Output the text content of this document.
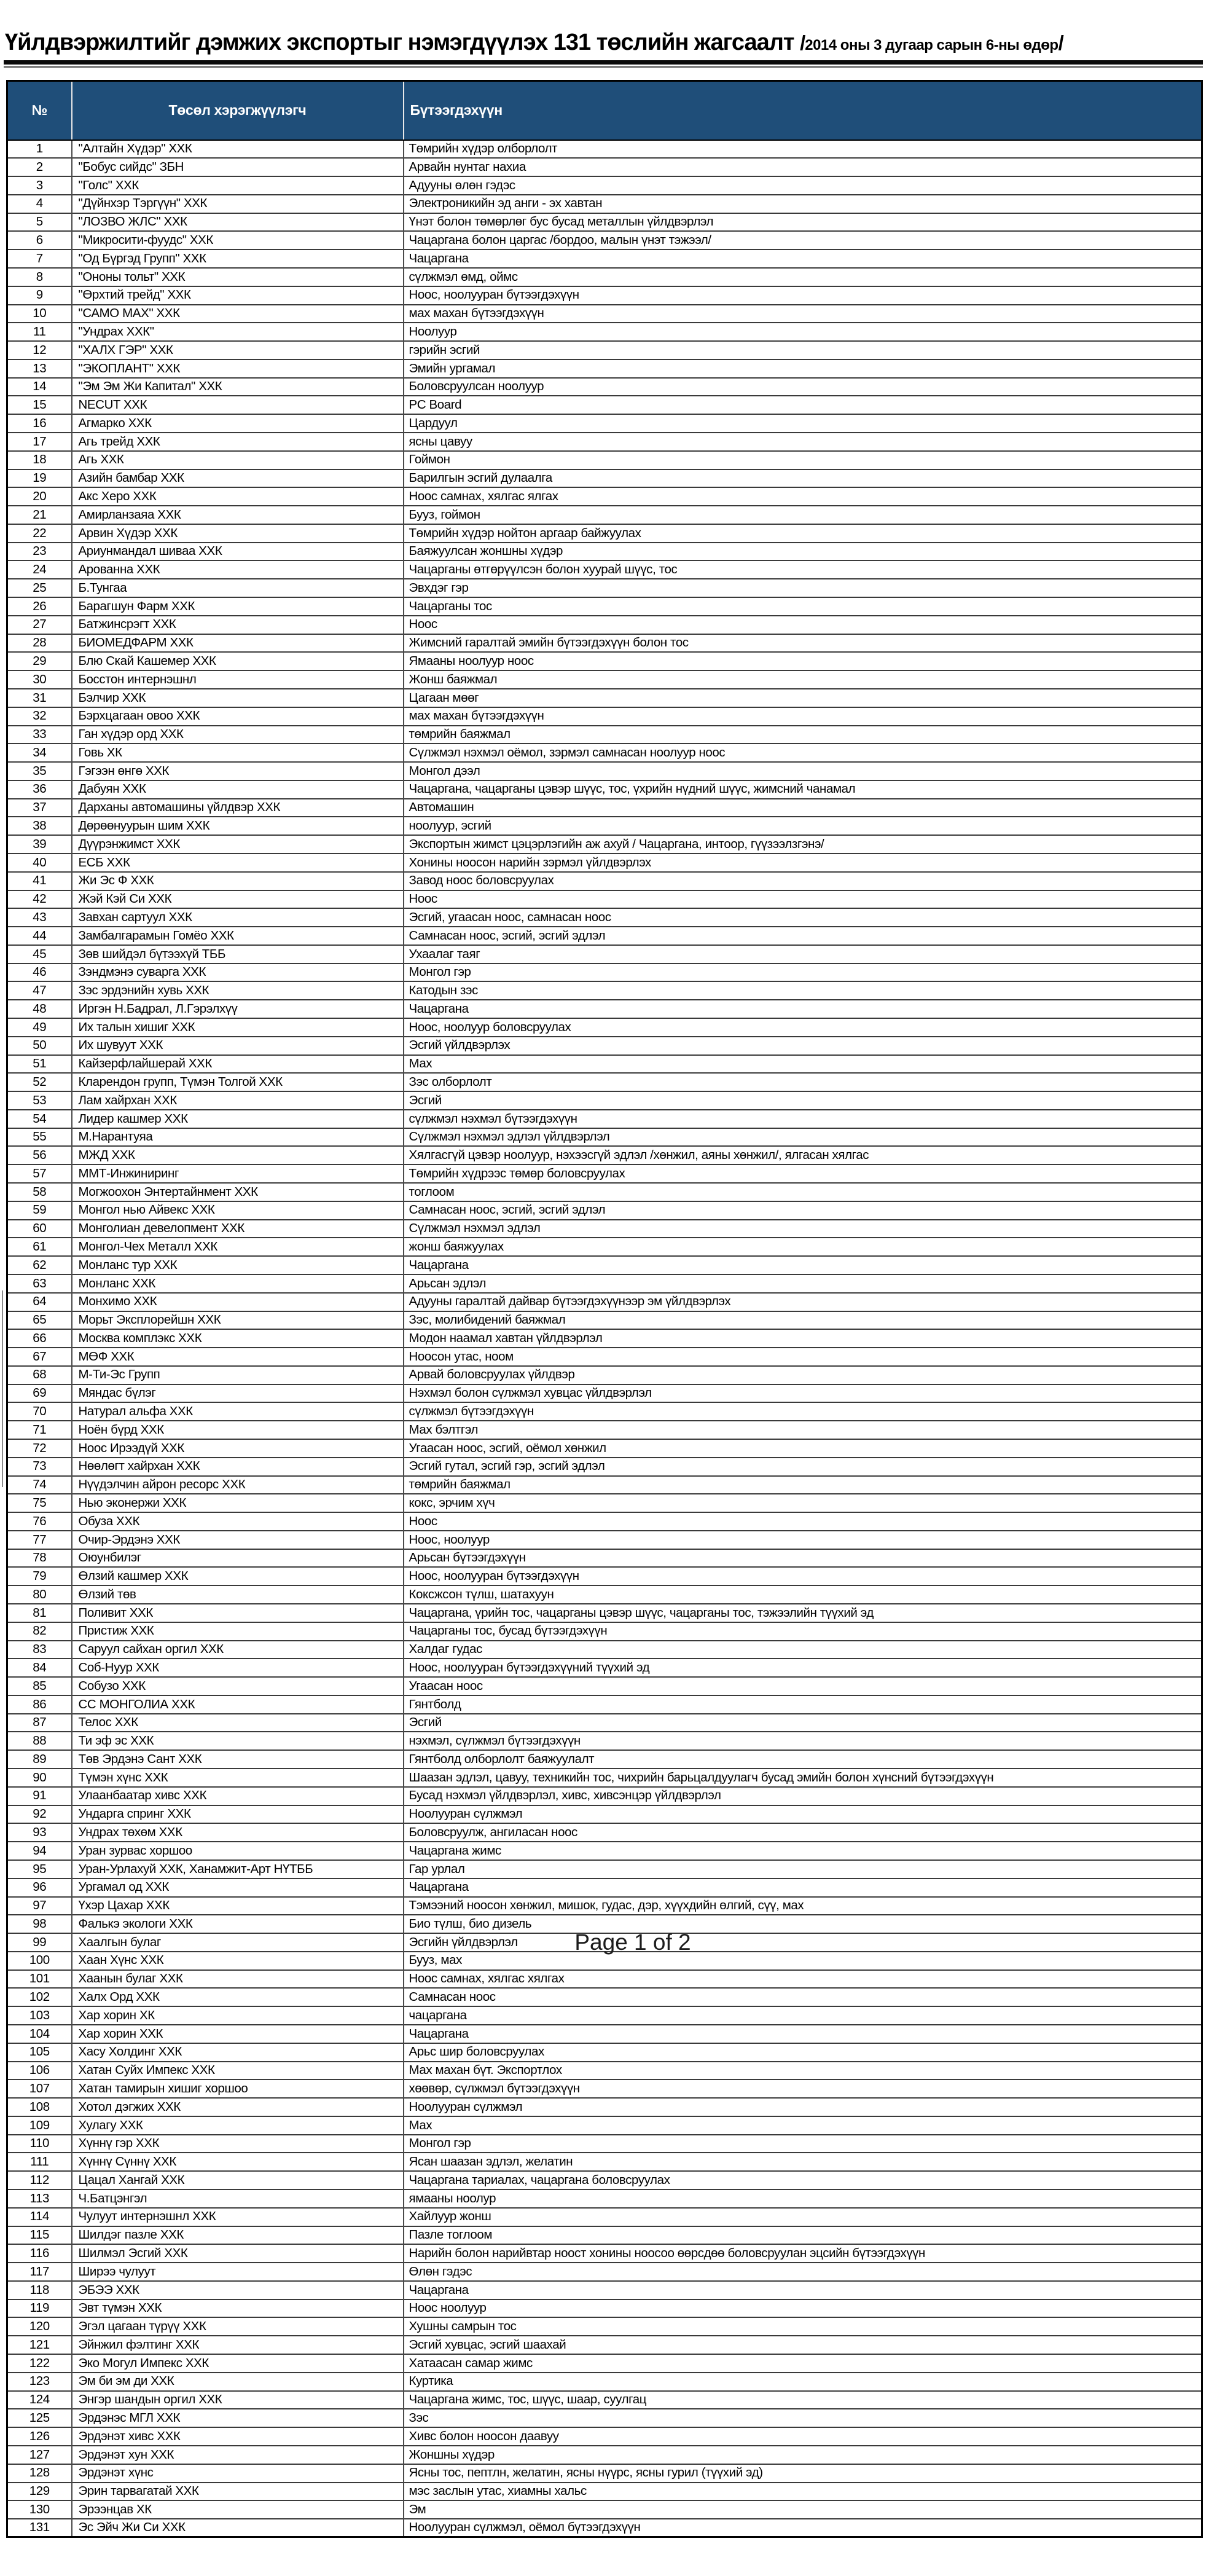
Үйлдвэржилтийг дэмжих экспортыг нэмэгдүүлэх 131 төслийн жагсаалт /2014 оны 3 дугаар сарын 6-ны өдөр/
№	Төсөл хэрэгжүүлэгч	Бүтээгдэхүүн
1	"Алтайн Хүдэр" ХХК	Төмрийн хүдэр олборлолт
2	"Бобус сийдс" ЗБН	Арвайн нунтаг нахиа
3	"Голс" ХХК	Адууны өлөн гэдэс
4	"Дүйнхэр Тэргүүн" ХХК	Электроникийн эд анги - эх хавтан
5	"ЛОЗВО ЖЛС" ХХК	Үнэт болон төмөрлөг бус бусад металлын үйлдвэрлэл
6	"Микросити-фуудс" ХХК	Чацаргана болон царгас /бордоо, малын үнэт тэжээл/
7	"Од Бүргэд Групп" ХХК	Чацаргана
8	"Ононы тольт" ХХК	сүлжмэл өмд, оймс
9	"Өрхтий трейд" ХХК	Ноос, ноолууран бүтээгдэхүүн
10	"САМО МАХ" ХХК	мах махан бүтээгдэхүүн
11	"Ундрах ХХК"	Ноолуур
12	"ХАЛХ ГЭР" ХХК	гэрийн эсгий
13	"ЭКОПЛАНТ" ХХК	Эмийн ургамал
14	"Эм Эм Жи Капитал" ХХК	Боловсруулсан ноолуур
15	NECUT ХХК	PC Board
16	Агмарко ХХК	Цардуул
17	Агь трейд ХХК	ясны цавуу
18	Агь ХХК	Гоймон
19	Азийн бамбар ХХК	Барилгын эсгий дулаалга
20	Акс Херо ХХК	Ноос самнах, хялгас ялгах
21	Амирланзаяа ХХК	Бууз, гоймон
22	Арвин Хүдэр ХХК	Төмрийн хүдэр нойтон аргаар байжуулах
23	Ариунмандал шиваа ХХК	Баяжуулсан жоншны хүдэр
24	Арованна ХХК	Чацарганы өтгөрүүлсэн болон хуурай шүүс, тос
25	Б.Тунгаа	Эвхдэг гэр
26	Барагшун Фарм ХХК	Чацарганы тос
27	Батжинсрэгт ХХК	Ноос
28	БИОМЕДФАРМ ХХК	Жимсний гаралтай эмийн бүтээгдэхүүн болон тос
29	Блю Скай Кашемер ХХК	Ямааны ноолуур ноос
30	Босстон интернэшнл	Жонш баяжмал
31	Бэлчир ХХК	Цагаан мөөг
32	Бэрхцагаан овоо ХХК	мах махан бүтээгдэхүүн
33	Ган хүдэр орд ХХК	төмрийн баяжмал
34	Говь ХК	Сүлжмэл нэхмэл оёмол, зэрмэл самнасан ноолуур ноос
35	Гэгээн өнгө ХХК	Монгол дээл
36	Дабуян ХХК	Чацаргана, чацарганы цэвэр шүүс, тос, үхрийн нүдний шүүс, жимсний чанамал
37	Дарханы автомашины үйлдвэр ХХК	Автомашин
38	Дөрөөнуурын шим ХХК	ноолуур, эсгий
39	Дүүрэнжимст ХХК	Экспортын жимст цэцэрлэгийн аж ахуй / Чацаргана, интоор, гүүзээлзгэнэ/
40	ЕСБ ХХК	Хонины ноосон нарийн зэрмэл үйлдвэрлэх
41	Жи Эс Ф ХХК	Завод ноос боловсруулах
42	Жэй Кэй Си ХХК	Ноос
43	Завхан сартуул ХХК	Эсгий, угаасан ноос, самнасан ноос
44	Замбалгарамын Гомёо ХХК	Самнасан ноос, эсгий, эсгий эдлэл
45	Зөв шийдэл бүтээхүй ТББ	Ухаалаг таяг
46	Зэндмэнэ суварга ХХК	Монгол гэр
47	Зэс эрдэнийн хувь ХХК	Катодын зэс
48	Иргэн Н.Бадрал, Л.Гэрэлхүү	Чацаргана
49	Их талын хишиг ХХК	Ноос, ноолуур боловсруулах
50	Их шувуут ХХК	Эсгий үйлдвэрлэх
51	Кайзерфлайшерай ХХК	Мах
52	Кларендон групп, Түмэн Толгой ХХК	Зэс олборлолт
53	Лам хайрхан ХХК	Эсгий
54	Лидер кашмер ХХК	сүлжмэл нэхмэл бүтээгдэхүүн
55	М.Нарантуяа	Сүлжмэл нэхмэл эдлэл үйлдвэрлэл
56	МЖД ХХК	Хялгасгүй цэвэр ноолуур, нэхээсгүй эдлэл /хөнжил, аяны хөнжил/, ялгасан хялгас
57	ММТ-Инжиниринг	Төмрийн хүдрээс төмөр боловсруулах
58	Могжоохон Энтертайнмент ХХК	тоглоом
59	Монгол нью Айвекс ХХК	Самнасан ноос, эсгий, эсгий эдлэл
60	Монголиан девелопмент ХХК	Сүлжмэл нэхмэл эдлэл
61	Монгол-Чех Металл ХХК	жонш баяжуулах
62	Монланс тур ХХК	Чацаргана
63	Монланс ХХК	Арьсан эдлэл
64	Монхимо ХХК	Адууны гаралтай дайвар бүтээгдэхүүнээр эм үйлдвэрлэх
65	Морьт Эксплорейшн ХХК	Зэс, молибидений баяжмал
66	Москва комплэкс ХХК	Модон наамал хавтан үйлдвэрлэл
67	МӨФ ХХК	Ноосон утас, ноом
68	М-Ти-Эс Групп	Арвай боловсруулах үйлдвэр
69	Мяндас бүлэг	Нэхмэл болон сүлжмэл хувцас үйлдвэрлэл
70	Натурал альфа ХХК	сүлжмэл бүтээгдэхүүн
71	Ноён бүрд ХХК	Мах бэлтгэл
72	Ноос Ирээдүй ХХК	Угаасан ноос, эсгий, оёмол хөнжил
73	Нөөлөгт хайрхан ХХК	Эсгий гутал, эсгий гэр, эсгий эдлэл
74	Нүүдэлчин айрон ресорс ХХК	төмрийн баяжмал
75	Нью эконержи ХХК	кокс, эрчим хүч
76	Обуза ХХК	Ноос
77	Очир-Эрдэнэ ХХК	Ноос, ноолуур
78	Оюунбилэг	Арьсан бүтээгдэхүүн
79	Өлзий кашмер ХХК	Ноос, ноолууран бүтээгдэхүүн
80	Өлзий төв	Коксжсон түлш, шатахуун
81	Поливит ХХК	Чацаргана, үрийн тос, чацарганы цэвэр шүүс, чацарганы тос, тэжээлийн түүхий эд
82	Пристиж ХХК	Чацарганы тос, бусад бүтээгдэхүүн
83	Саруул сайхан оргил ХХК	Халдаг гудас
84	Соб-Нуур ХХК	Ноос, ноолууран бүтээгдэхүүний түүхий эд
85	Собузо ХХК	Угаасан ноос
86	СС МОНГОЛИА ХХК	Гянтболд
87	Телос ХХК	Эсгий
88	Ти эф эс ХХК	нэхмэл, сүлжмэл бүтээгдэхүүн
89	Төв Эрдэнэ Сант ХХК	Гянтболд олборлолт баяжуулалт
90	Түмэн хүнс ХХК	Шаазан эдлэл, цавуу, техникийн тос, чихрийн барьцалдуулагч бусад эмийн болон хүнсний бүтээгдэхүүн
91	Улаанбаатар хивс ХХК	Бусад нэхмэл үйлдвэрлэл, хивс, хивсэнцэр үйлдвэрлэл
92	Ундарга спринг ХХК	Ноолууран сүлжмэл
93	Ундрах төхөм ХХК	Боловсруулж, ангиласан ноос
94	Уран зурвас хоршоо	Чацаргана жимс
95	Уран-Урлахуй ХХК, Ханамжит-Арт НҮТББ	Гар урлал
96	Ургамал од ХХК	Чацаргана
97	Үхэр Цахар ХХК	Тэмээний ноосон хөнжил, мишок, гудас, дэр, хүүхдийн өлгий, сүү, мах
98	Фалькэ экологи ХХК	Био түлш, био дизель
99	Хаалгын булаг	Эсгийн үйлдвэрлэл
100	Хаан Хүнс ХХК	Бууз, мах
101	Хаанын булаг ХХК	Ноос самнах, хялгас хялгах
102	Халх Орд ХХК	Самнасан ноос
103	Хар хорин ХК	чацаргана
104	Хар хорин ХХК	Чацаргана
105	Хасу Холдинг ХХК	Арьс шир боловсруулах
106	Хатан Суйх Импекс ХХК	Мах махан бүт. Экспортлох
107	Хатан тамирын хишиг хоршоо	хөөвөр, сүлжмэл бүтээгдэхүүн
108	Хотол дэгжих ХХК	Ноолууран сүлжмэл
109	Хулагу ХХК	Мах
110	Хүннү гэр ХХК	Монгол гэр
111	Хүннү Сүннү ХХК	Ясан шаазан эдлэл, желатин
112	Цацал Хангай ХХК	Чацаргана тариалах, чацаргана боловсруулах
113	Ч.Батцэнгэл	ямааны ноолур
114	Чулуут интернэшнл ХХК	Хайлуур жонш
115	Шилдэг пазле ХХК	Пазле тоглоом
116	Шилмэл Эсгий ХХК	Нарийн болон нарийвтар ноост хонины ноосоо өөрсдөө боловсруулан эцсийн бүтээгдэхүүн
117	Ширээ чулуут	Өлөн гэдэс
118	ЭБЭЭ ХХК	Чацаргана
119	Эвт түмэн ХХК	Ноос ноолуур
120	Эгэл цагаан түрүү ХХК	Хушны самрын тос
121	Эйнжил фэлтинг ХХК	Эсгий хувцас, эсгий шаахай
122	Эко Могул Импекс ХХК	Хатаасан самар жимс
123	Эм би эм ди ХХК	Куртика
124	Энгэр шандын оргил ХХК	Чацаргана жимс, тос, шүүс, шаар, суулгац
125	Эрдэнэс МГЛ ХХК	Зэс
126	Эрдэнэт хивс ХХК	Хивс болон ноосон даавуу
127	Эрдэнэт хун ХХК	Жоншны хүдэр
128	Эрдэнэт хүнс	Ясны тос, пептлн, желатин, ясны нүүрс, ясны гурил (түүхий эд)
129	Эрин тарвагатай ХХК	мэс заслын утас, хиамны хальс
130	Эрээнцав ХК	Эм
131	Эс Эйч Жи Си ХХК	Ноолууран сүлжмэл, оёмол бүтээгдэхүүн
Page 1 of 2
